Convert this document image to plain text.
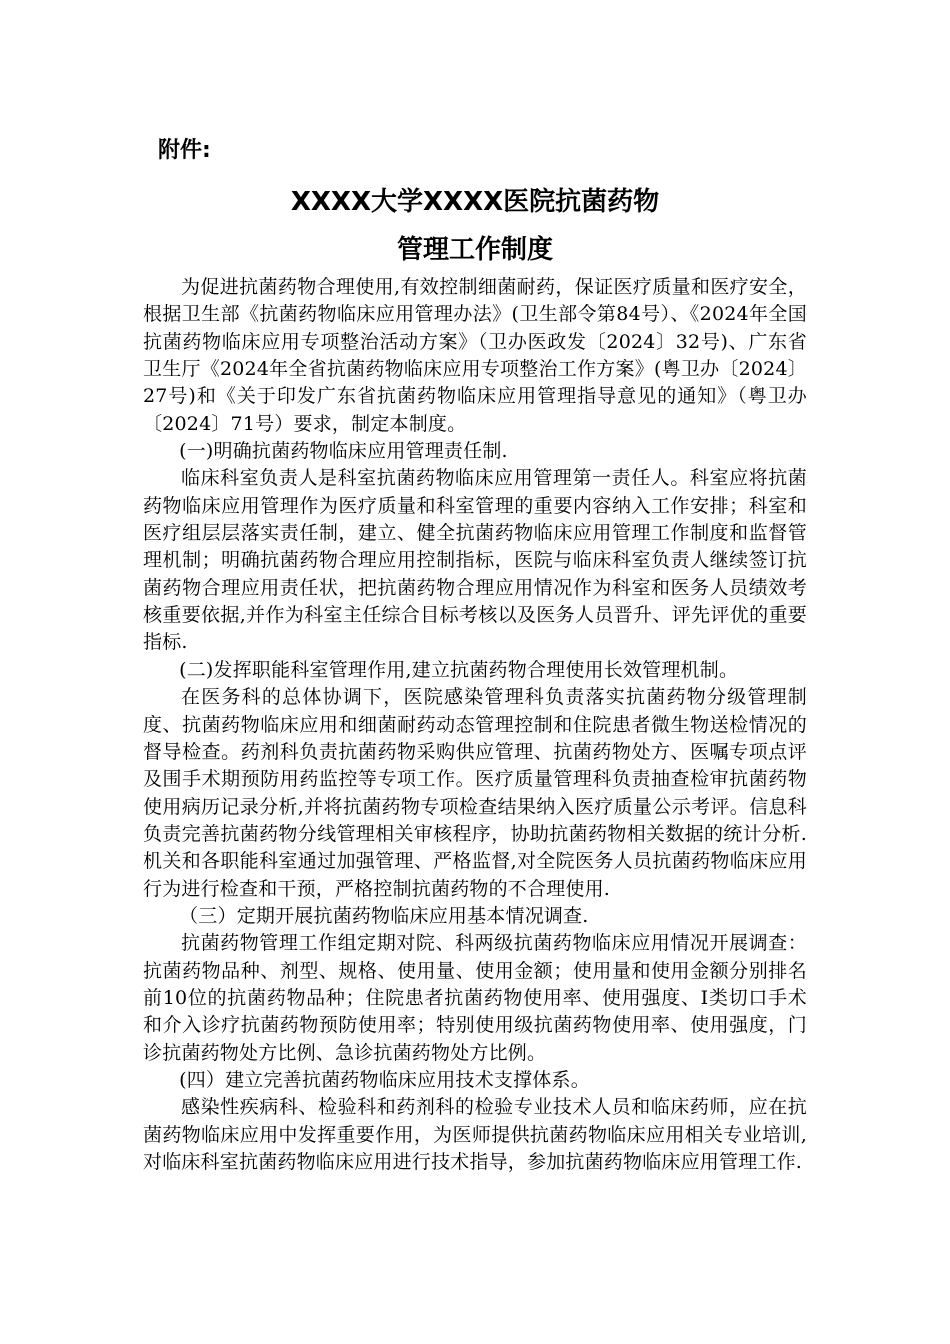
附件:

XXXX大学XXXX医院抗菌药物
管理工作制度

为促进抗菌药物合理使用,有效控制细菌耐药，保证医疗质量和医疗安全，根据卫生部《抗菌药物临床应用管理办法》(卫生部令第84号）、《2024年全国抗菌药物临床应用专项整治活动方案》（卫办医政发〔2024〕32号)、广东省卫生厅《2024年全省抗菌药物临床应用专项整治工作方案》(粤卫办〔2024〕27号)和《关于印发广东省抗菌药物临床应用管理指导意见的通知》（粤卫办〔2024〕71号）要求，制定本制度。

(一)明确抗菌药物临床应用管理责任制.

临床科室负责人是科室抗菌药物临床应用管理第一责任人。科室应将抗菌药物临床应用管理作为医疗质量和科室管理的重要内容纳入工作安排；科室和医疗组层层落实责任制，建立、健全抗菌药物临床应用管理工作制度和监督管理机制；明确抗菌药物合理应用控制指标，医院与临床科室负责人继续签订抗菌药物合理应用责任状，把抗菌药物合理应用情况作为科室和医务人员绩效考核重要依据,并作为科室主任综合目标考核以及医务人员晋升、评先评优的重要指标.

(二)发挥职能科室管理作用,建立抗菌药物合理使用长效管理机制。

在医务科的总体协调下，医院感染管理科负责落实抗菌药物分级管理制度、抗菌药物临床应用和细菌耐药动态管理控制和住院患者微生物送检情况的督导检查。药剂科负责抗菌药物采购供应管理、抗菌药物处方、医嘱专项点评及围手术期预防用药监控等专项工作。医疗质量管理科负责抽查检审抗菌药物使用病历记录分析,并将抗菌药物专项检查结果纳入医疗质量公示考评。信息科负责完善抗菌药物分线管理相关审核程序，协助抗菌药物相关数据的统计分析.机关和各职能科室通过加强管理、严格监督,对全院医务人员抗菌药物临床应用行为进行检查和干预，严格控制抗菌药物的不合理使用.

（三）定期开展抗菌药物临床应用基本情况调查.

抗菌药物管理工作组定期对院、科两级抗菌药物临床应用情况开展调查：抗菌药物品种、剂型、规格、使用量、使用金额；使用量和使用金额分别排名前10位的抗菌药物品种；住院患者抗菌药物使用率、使用强度、Ⅰ类切口手术和介入诊疗抗菌药物预防使用率；特别使用级抗菌药物使用率、使用强度，门诊抗菌药物处方比例、急诊抗菌药物处方比例。

(四）建立完善抗菌药物临床应用技术支撑体系。

感染性疾病科、检验科和药剂科的检验专业技术人员和临床药师，应在抗菌药物临床应用中发挥重要作用，为医师提供抗菌药物临床应用相关专业培训,对临床科室抗菌药物临床应用进行技术指导，参加抗菌药物临床应用管理工作.
